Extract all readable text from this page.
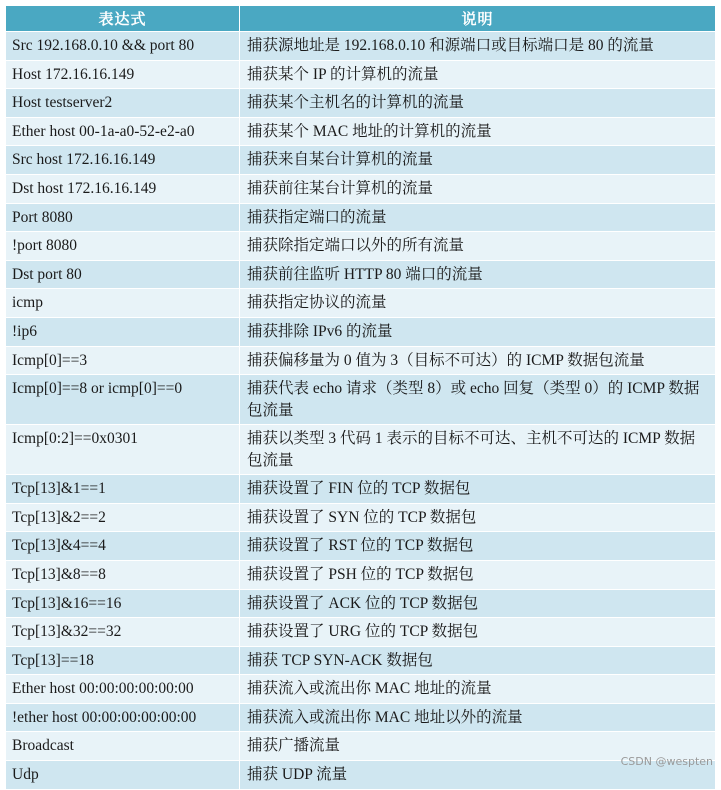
表达式	说明
Src 192.168.0.10 && port 80	捕获源地址是 192.168.0.10 和源端口或目标端口是 80 的流量
Host 172.16.16.149	捕获某个 IP 的计算机的流量
Host testserver2	捕获某个主机名的计算机的流量
Ether host 00-1a-a0-52-e2-a0	捕获某个 MAC 地址的计算机的流量
Src host 172.16.16.149	捕获来自某台计算机的流量
Dst host 172.16.16.149	捕获前往某台计算机的流量
Port 8080	捕获指定端口的流量
!port 8080	捕获除指定端口以外的所有流量
Dst port 80	捕获前往监听 HTTP 80 端口的流量
icmp	捕获指定协议的流量
!ip6	捕获排除 IPv6 的流量
Icmp[0]==3	捕获偏移量为 0 值为 3（目标不可达）的 ICMP 数据包流量
Icmp[0]==8 or icmp[0]==0	捕获代表 echo 请求（类型 8）或 echo 回复（类型 0）的 ICMP 数据包流量
Icmp[0:2]==0x0301	捕获以类型 3 代码 1 表示的目标不可达、主机不可达的 ICMP 数据包流量
Tcp[13]&1==1	捕获设置了 FIN 位的 TCP 数据包
Tcp[13]&2==2	捕获设置了 SYN 位的 TCP 数据包
Tcp[13]&4==4	捕获设置了 RST 位的 TCP 数据包
Tcp[13]&8==8	捕获设置了 PSH 位的 TCP 数据包
Tcp[13]&16==16	捕获设置了 ACK 位的 TCP 数据包
Tcp[13]&32==32	捕获设置了 URG 位的 TCP 数据包
Tcp[13]==18	捕获 TCP SYN-ACK 数据包
Ether host 00:00:00:00:00:00	捕获流入或流出你 MAC 地址的流量
!ether host 00:00:00:00:00:00	捕获流入或流出你 MAC 地址以外的流量
Broadcast	捕获广播流量
Udp	捕获 UDP 流量
CSDN @wespten
